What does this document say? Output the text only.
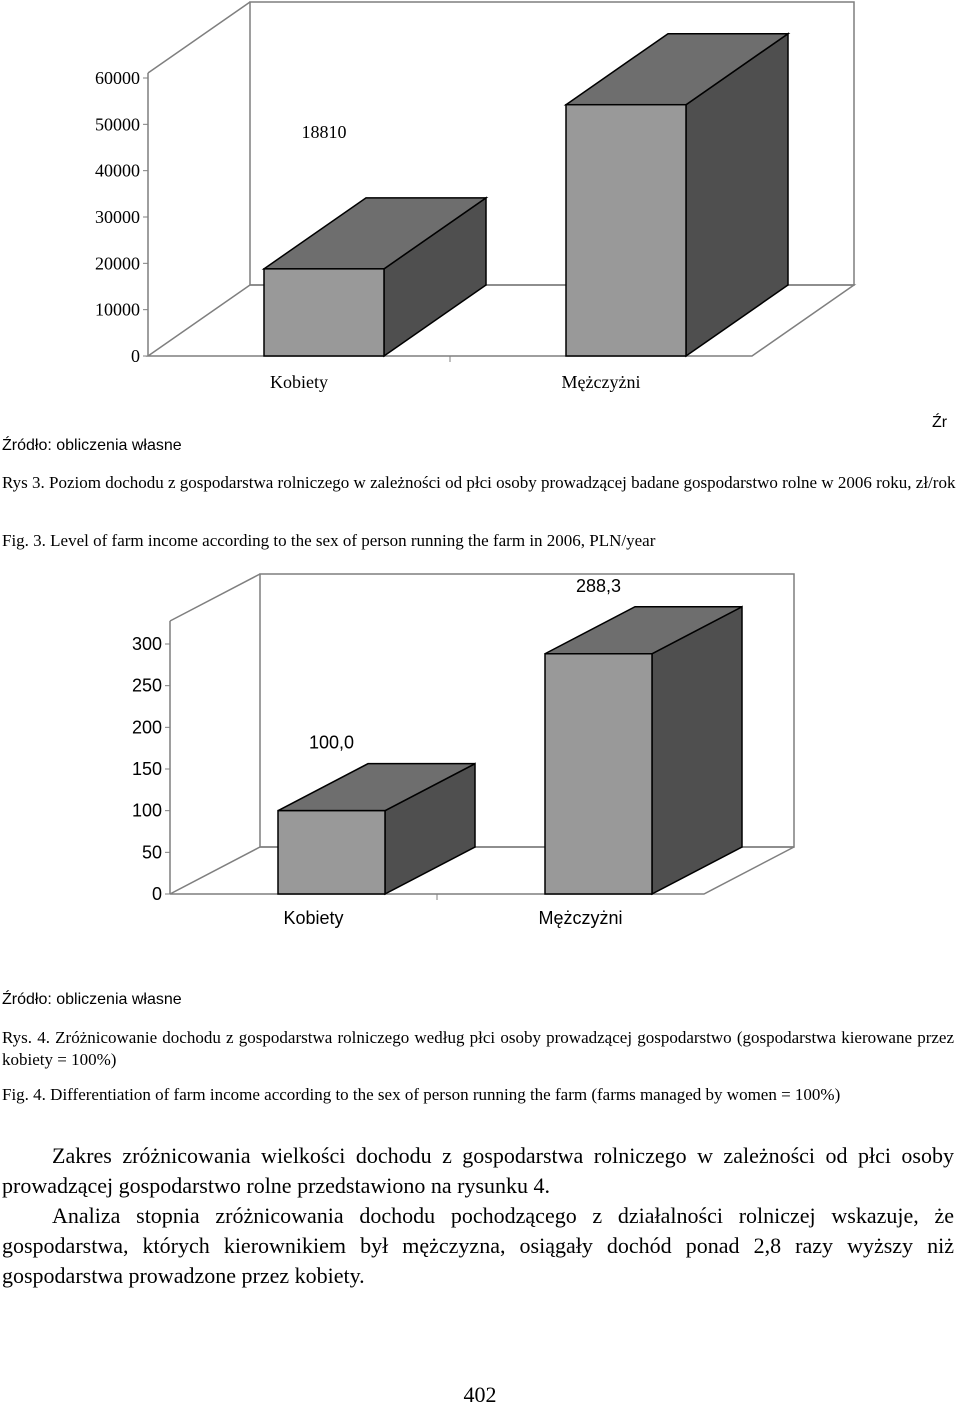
0
10000
20000
30000
40000
50000
60000
18810
Kobiety	Mężczyżni
Źródło: obliczenia własne
Źr
Rys 3. Poziom dochodu z gospodarstwa rolniczego w zależności od płci osoby prowadzącej badane gospodarstwo rolne w 2006 roku, zł/rok
Fig. 3. Level of farm income according to the sex of person running the farm in 2006, PLN/year
0
50
100
150
200
250
300
100,0
Kobiety
288,3
Mężczyżni
Źródło: obliczenia własne
Rys. 4. Zróżnicowanie dochodu z gospodarstwa rolniczego według płci osoby prowadzącej gospodarstwo (gospodarstwa kierowane przez kobiety = 100%)
Fig. 4. Differentiation of farm income according to the sex of person running the farm (farms managed by women = 100%)
Zakres zróżnicowania wielkości dochodu z gospodarstwa rolniczego w zależności od płci osoby prowadzącej gospodarstwo rolne przedstawiono na rysunku 4.
Analiza stopnia zróżnicowania dochodu pochodzącego z działalności rolniczej wskazuje, że gospodarstwa, których kierownikiem był mężczyzna, osiągały dochód ponad 2,8 razy wyższy niż gospodarstwa prowadzone przez kobiety.
402
